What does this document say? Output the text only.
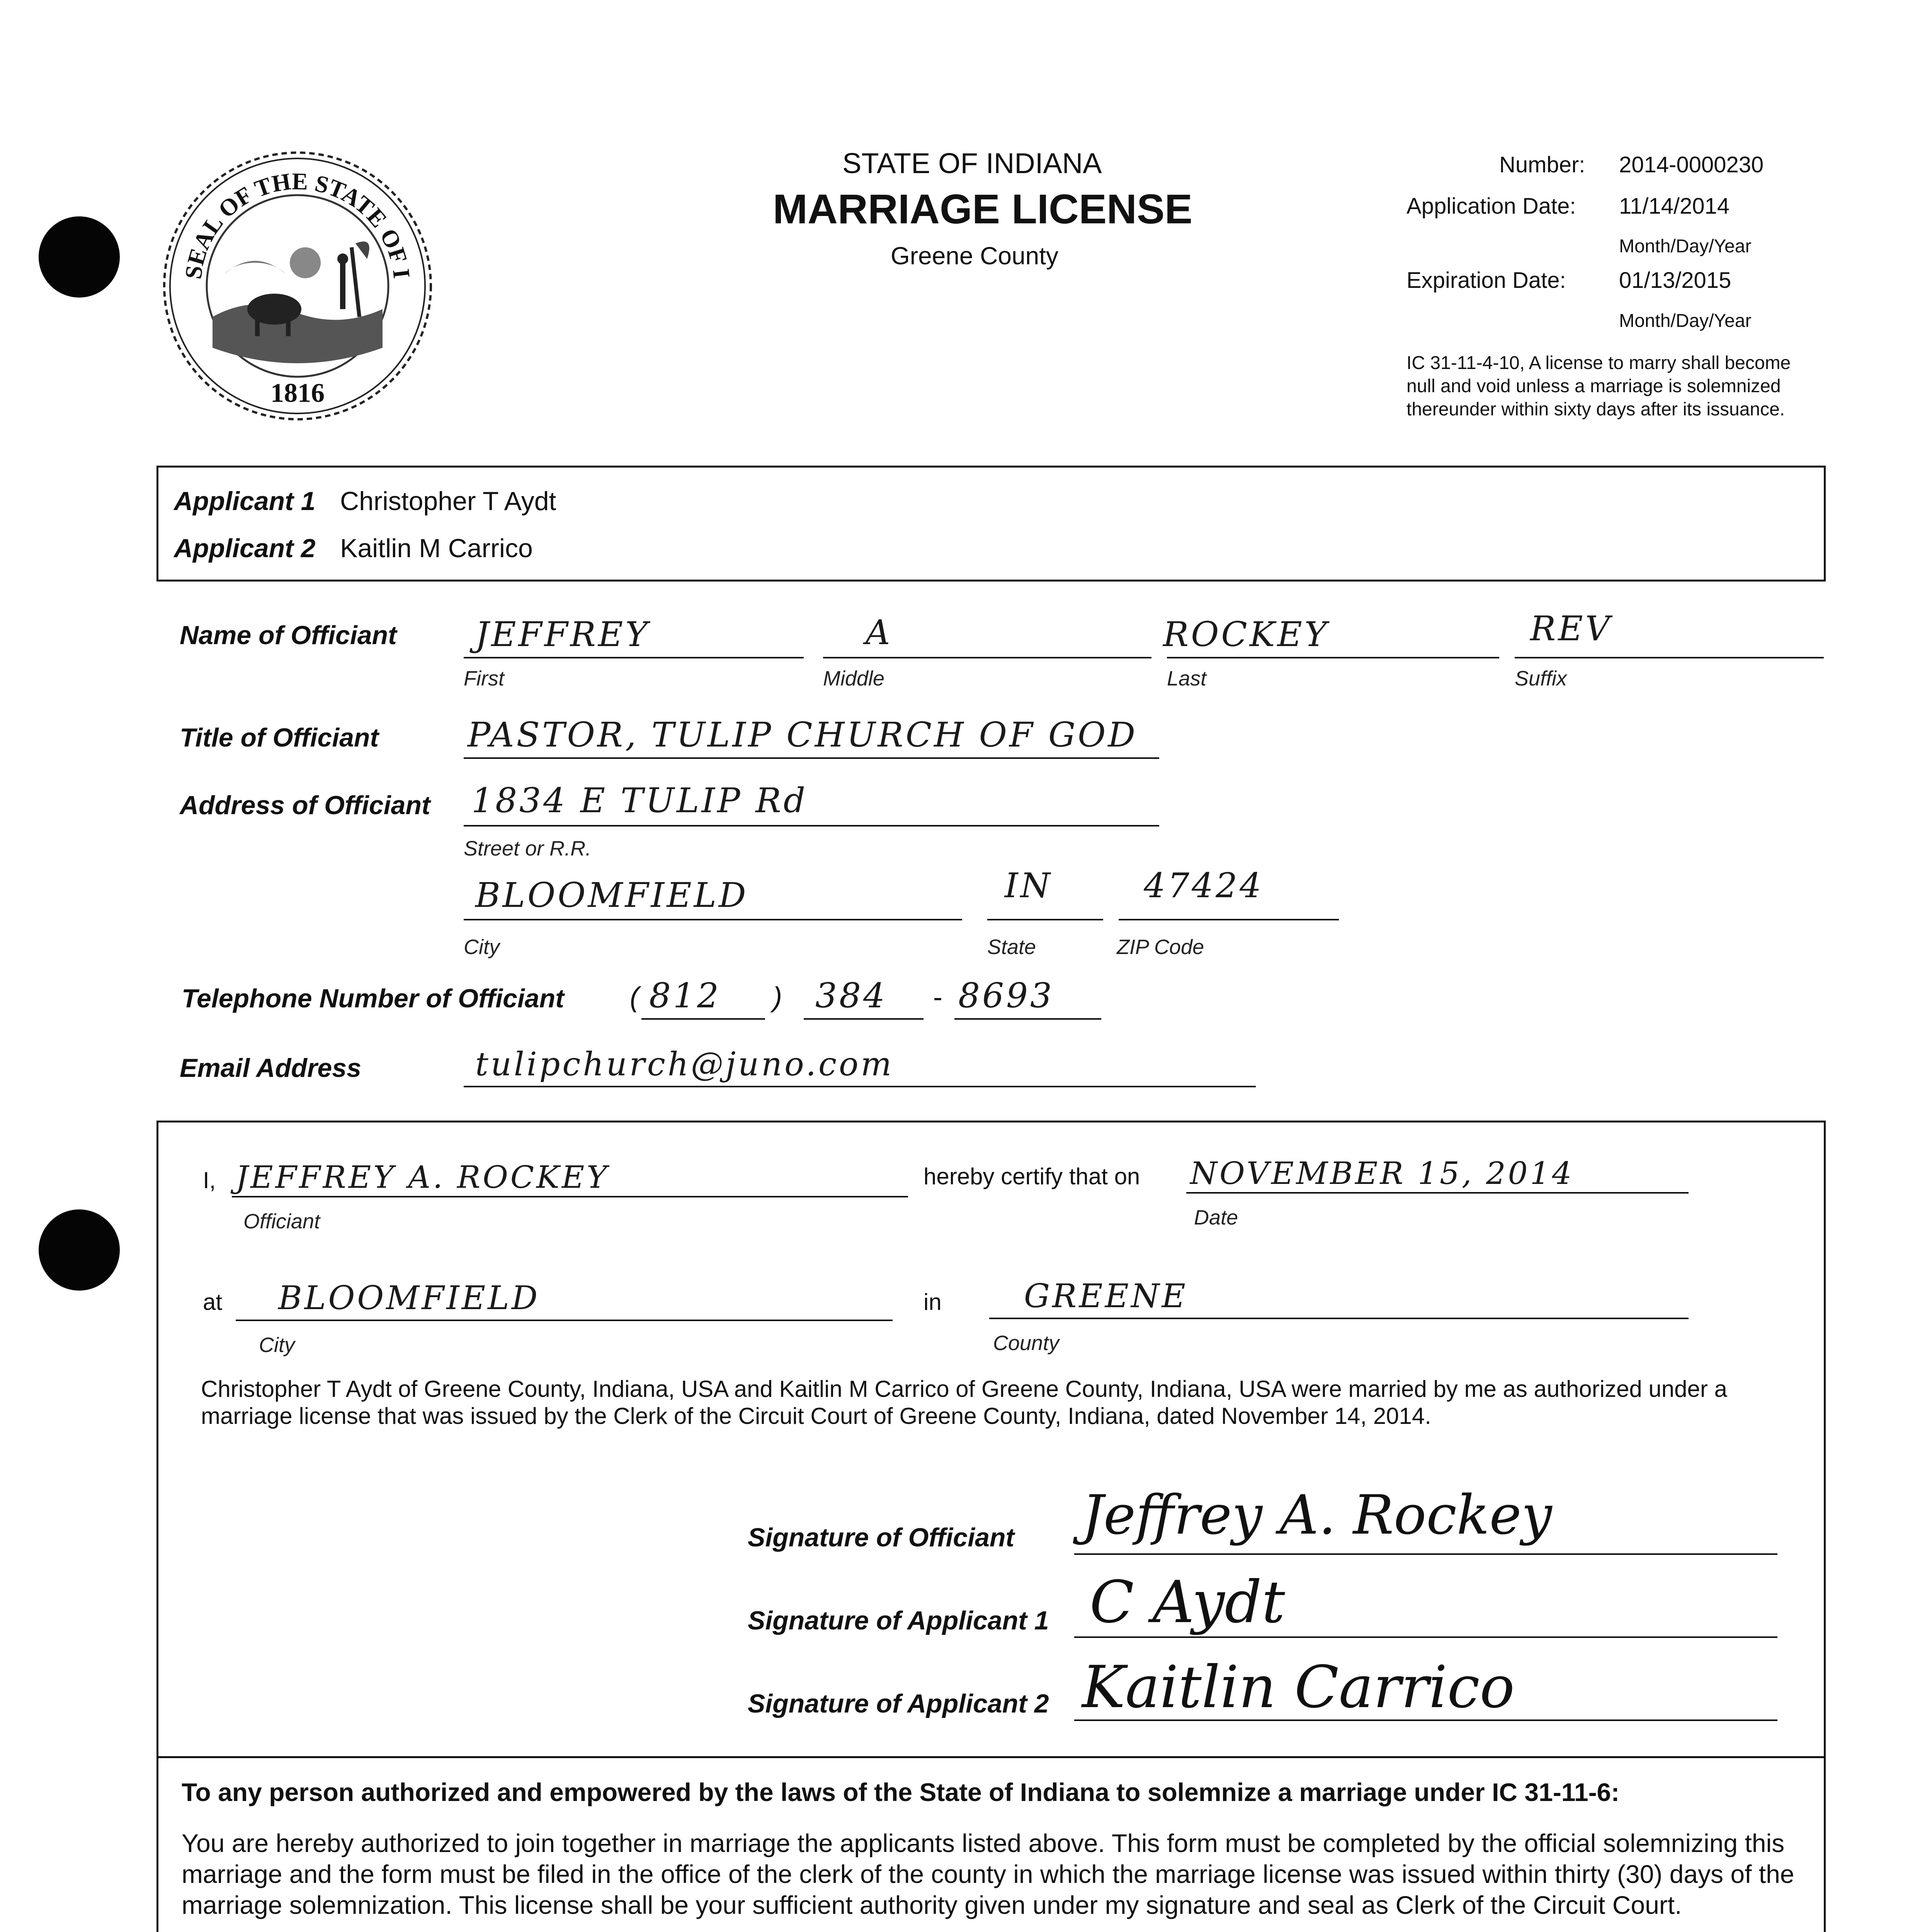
SEAL OF THE STATE OF I
1816
STATE OF INDIANA
MARRIAGE LICENSE
Greene County
Number: 2014-0000230
Application Date: 11/14/2014
Month/Day/Year
Expiration Date: 01/13/2015
Month/Day/Year
IC 31-11-4-10, A license to marry shall become null and void unless a marriage is solemnized thereunder within sixty days after its issuance.
Applicant 1 Christopher T Aydt
Applicant 2 Kaitlin M Carrico
Name of Officiant JEFFREY	A	ROCKEY	REV
First	Middle	Last	Suffix
Title of Officiant	PASTOR, TULIP CHURCH OF GOD
Address of Officiant 1834 E TULIP Rd
Street or R.R.
BLOOMFIELD	IN	47424
City	State	ZIP Code
Telephone Number of Officiant ( 812 ) 384 - 8693
Email Address	tulipchurch@juno.com
I, JEFFREY A. ROCKEY
Officiant
hereby certify that on NOVEMBER 15, 2014
Date
at BLOOMFIELD
City
in	GREENE
County
Christopher T Aydt of Greene County, Indiana, USA and Kaitlin M Carrico of Greene County, Indiana, USA were married by me as authorized under a marriage license that was issued by the Clerk of the Circuit Court of Greene County, Indiana, dated November 14, 2014.
Signature of Officiant Jeffrey A. Rockey
Signature of Applicant 1 C Aydt
Signature of Applicant 2 Kaitlin Carrico
To any person authorized and empowered by the laws of the State of Indiana to solemnize a marriage under IC 31-11-6:
You are hereby authorized to join together in marriage the applicants listed above. This form must be completed by the official solemnizing this marriage and the form must be filed in the office of the clerk of the county in which the marriage license was issued within thirty (30) days of the marriage solemnization. This license shall be your sufficient authority given under my signature and seal as Clerk of the Circuit Court.
